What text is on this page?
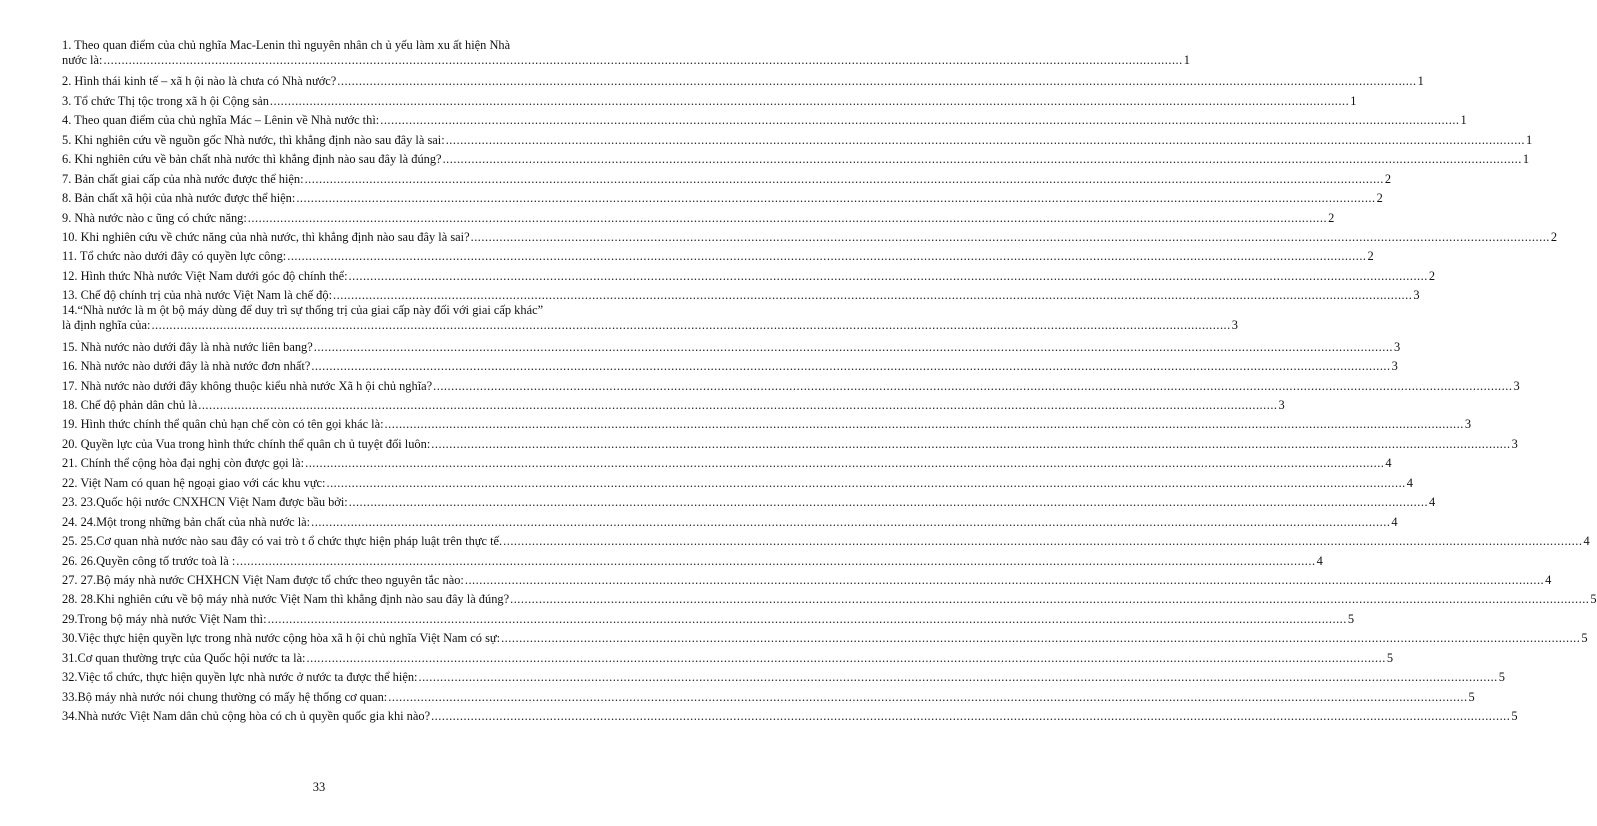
1. Theo quan điểm của chủ nghĩa Mac-Lenin thì nguyên nhân ch ủ yếu làm xu ất hiện Nhà
nước là: ............................................................................................................................................................................................................................................................................................................ 1
2. Hình thái kinh tế – xã h ội nào là chưa có Nhà nước? ............................................................................................................................................................................................................................................................................................................ 1
3. Tổ chức Thị tộc trong xã h ội Cộng sản ............................................................................................................................................................................................................................................................................................................ 1
4. Theo quan điểm của chủ nghĩa Mác – Lênin về Nhà nước thì: ............................................................................................................................................................................................................................................................................................................ 1
5. Khi nghiên cứu về nguồn gốc Nhà nước, thì khẳng định nào sau đây là sai: ............................................................................................................................................................................................................................................................................................................ 1
6. Khi nghiên cứu về bản chất nhà nước thì khẳng định nào sau đây là đúng? ............................................................................................................................................................................................................................................................................................................ 1
7. Bản chất giai cấp của nhà nước được thể hiện: ............................................................................................................................................................................................................................................................................................................ 2
8. Bản chất xã hội của nhà nước được thể hiện: ............................................................................................................................................................................................................................................................................................................ 2
9. Nhà nước nào c ũng có chức năng: ............................................................................................................................................................................................................................................................................................................ 2
10. Khi nghiên cứu về chức năng của nhà nước, thì khẳng định nào sau đây là sai? ............................................................................................................................................................................................................................................................................................................ 2
11. Tổ chức nào dưới đây có quyền lực công: ............................................................................................................................................................................................................................................................................................................ 2
12. Hình thức Nhà nước Việt Nam dưới góc độ chính thể: ............................................................................................................................................................................................................................................................................................................ 2
13. Chế độ chính trị của nhà nước Việt Nam là chế độ: ............................................................................................................................................................................................................................................................................................................ 3
14.“Nhà nước là m ột bộ máy dùng để duy trì sự thống trị của giai cấp này đối với giai cấp khác”
là định nghĩa của: ............................................................................................................................................................................................................................................................................................................ 3
15. Nhà nước nào dưới đây là nhà nước liên bang? ............................................................................................................................................................................................................................................................................................................ 3
16. Nhà nước nào dưới đây là nhà nước đơn nhất? ............................................................................................................................................................................................................................................................................................................ 3
17. Nhà nước nào dưới đây không thuộc kiểu nhà nước Xã h ội chủ nghĩa? ............................................................................................................................................................................................................................................................................................................ 3
18. Chế độ phản dân chủ là ............................................................................................................................................................................................................................................................................................................ 3
19. Hình thức chính thể quân chủ hạn chế còn có tên gọi khác là: ............................................................................................................................................................................................................................................................................................................ 3
20. Quyền lực của Vua trong hình thức chính thể quân ch ủ tuyệt đối luôn: ............................................................................................................................................................................................................................................................................................................ 3
21. Chính thể cộng hòa đại nghị còn được gọi là: ............................................................................................................................................................................................................................................................................................................ 4
22. Việt Nam có quan hệ ngoại giao với các khu vực: ............................................................................................................................................................................................................................................................................................................ 4
23. 23.Quốc hội nước CNXHCN Việt Nam được bầu bởi: ............................................................................................................................................................................................................................................................................................................ 4
24. 24.Một trong những bản chất của nhà nước là: ............................................................................................................................................................................................................................................................................................................ 4
25. 25.Cơ quan nhà nước nào sau đây có vai trò t ổ chức thực hiện pháp luật trên thực tế. ............................................................................................................................................................................................................................................................................................................ 4
26. 26.Quyền công tố trước toà là : ............................................................................................................................................................................................................................................................................................................ 4
27. 27.Bộ máy nhà nước CHXHCN Việt Nam được tổ chức theo nguyên tắc nào: ............................................................................................................................................................................................................................................................................................................ 4
28. 28.Khi nghiên cứu về bộ máy nhà nước Việt Nam thì khẳng định nào sau đây là đúng? ............................................................................................................................................................................................................................................................................................................ 5
29.Trong bộ máy nhà nước Việt Nam thì: ............................................................................................................................................................................................................................................................................................................ 5
30.Việc thực hiện quyền lực trong nhà nước cộng hòa xã h ội chủ nghĩa Việt Nam có sự: ............................................................................................................................................................................................................................................................................................................ 5
31.Cơ quan thường trực của Quốc hội nước ta là: ............................................................................................................................................................................................................................................................................................................ 5
32.Việc tổ chức, thực hiện quyền lực nhà nước ở nước ta được thể hiện: ............................................................................................................................................................................................................................................................................................................ 5
33.Bộ máy nhà nước nói chung thường có mấy hệ thống cơ quan: ............................................................................................................................................................................................................................................................................................................ 5
34.Nhà nước Việt Nam dân chủ cộng hòa có ch ủ quyền quốc gia khi nào? ............................................................................................................................................................................................................................................................................................................ 5
33
